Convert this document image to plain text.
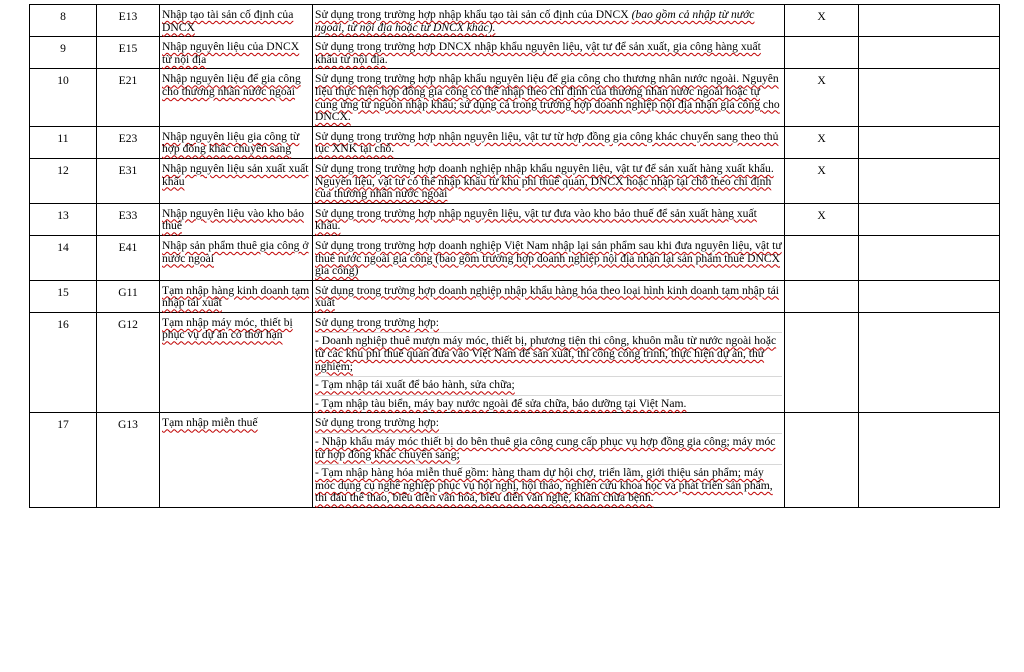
8	E13	Nhập tạo tài sản cố định của DNCX	Sử dụng trong trường hợp nhập khẩu tạo tài sản cố định của DNCX (bao gồm cả nhập từ nước ngoài, từ nội địa hoặc từ DNCX khác).	X	
9	E15	Nhập nguyên liệu của DNCX từ nội địa	Sử dụng trong trường hợp DNCX nhập khẩu nguyên liệu, vật tư để sản xuất, gia công hàng xuất khẩu từ nội địa.		
10	E21	Nhập nguyên liệu để gia công cho thương nhân nước ngoài	Sử dụng trong trường hợp nhập khẩu nguyên liệu để gia công cho thương nhân nước ngoài. Nguyên liệu thực hiện hợp đồng gia công có thể nhập theo chỉ định của thương nhân nước ngoài hoặc tự cung ứng từ nguồn nhập khẩu; sử dụng cả trong trường hợp doanh nghiệp nội địa nhận gia công cho DNCX.	X	
11	E23	Nhập nguyên liệu gia công từ hợp đồng khác chuyển sang	Sử dụng trong trường hợp nhận nguyên liệu, vật tư từ hợp đồng gia công khác chuyển sang theo thủ tục XNK tại chỗ.	X	
12	E31	Nhập nguyên liệu sản xuất xuất khẩu	Sử dụng trong trường hợp doanh nghiệp nhập khẩu nguyên liệu, vật tư để sản xuất hàng xuất khẩu. Nguyên liệu, vật tư có thể nhập khẩu từ khu phi thuế quan, DNCX hoặc nhập tại chỗ theo chỉ định của thương nhân nước ngoài	X	
13	E33	Nhập nguyên liệu vào kho bảo thuế	Sử dụng trong trường hợp nhập nguyên liệu, vật tư đưa vào kho bảo thuế để sản xuất hàng xuất khẩu.	X	
14	E41	Nhập sản phẩm thuê gia công ở nước ngoài	Sử dụng trong trường hợp doanh nghiệp Việt Nam nhập lại sản phẩm sau khi đưa nguyên liệu, vật tư thuê nước ngoài gia công (bao gồm trường hợp doanh nghiệp nội địa nhận lại sản phẩm thuê DNCX gia công)		
15	G11	Tạm nhập hàng kinh doanh tạm nhập tái xuất	Sử dụng trong trường hợp doanh nghiệp nhập khẩu hàng hóa theo loại hình kinh doanh tạm nhập tái xuất		
16	G12	Tạm nhập máy móc, thiết bị phục vụ dự án có thời hạn	Sử dụng trong trường hợp:
- Doanh nghiệp thuê mượn máy móc, thiết bị, phương tiện thi công, khuôn mẫu từ nước ngoài hoặc từ các khu phi thuế quan đưa vào Việt Nam để sản xuất, thi công công trình, thực hiện dự án, thử nghiệm;
- Tạm nhập tái xuất để bảo hành, sửa chữa;
- Tạm nhập tàu biển, máy bay nước ngoài để sửa chữa, bảo dưỡng tại Việt Nam.		

17	G13	Tạm nhập miễn thuế	Sử dụng trong trường hợp:
- Nhập khẩu máy móc thiết bị do bên thuê gia công cung cấp phục vụ hợp đồng gia công; máy móc từ hợp đồng khác chuyển sang;
- Tạm nhập hàng hóa miễn thuế gồm: hàng tham dự hội chợ, triển lãm, giới thiệu sản phẩm; máy móc dụng cụ nghề nghiệp phục vụ hội nghị, hội thảo, nghiên cứu khoa học và phát triển sản phẩm, thi đấu thể thao, biểu diễn văn hóa, biểu diễn văn nghệ, khám chữa bệnh.		
